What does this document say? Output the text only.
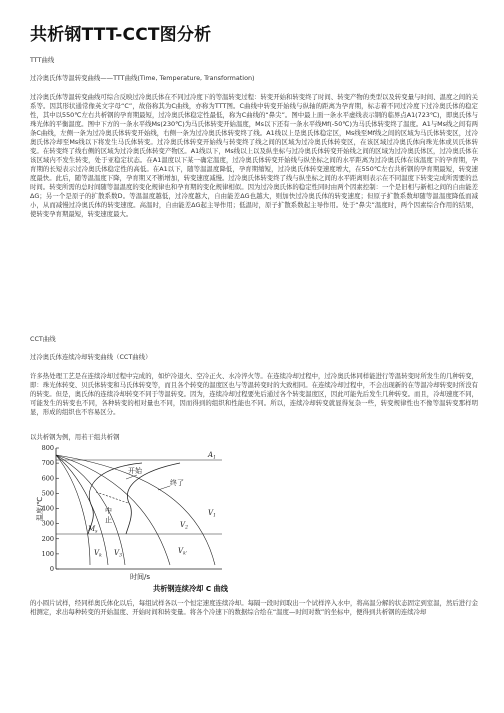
共析钢TTT-CCT图分析

TTT曲线

过冷奥氏体等温转变曲线——TTT曲线(Time, Temperature, Transformation)

过冷奥氏体等温转变曲线可综合反映过冷奥氏体在不同过冷度下的等温转变过程：转变开始和转变终了时间、转变产物的类型以及转变量与时间、温度之间的关系等。因其形状通常像英文字母“C”，故俗称其为C曲线，亦称为TTT图。C曲线中转变开始线与纵轴的距离为孕育期，标志着不同过冷度下过冷奥氏体的稳定性，其中以550℃左右共析钢的孕育期最短，过冷奥氏体稳定性最低，称为C曲线的“鼻尖”。图中最上面一条水平虚线表示钢的临界点A1(723℃)，即奥氏体与珠光体的平衡温度。图中下方的一条水平线Ms(230℃)为马氏体转变开始温度，Ms以下还有一条水平线Mf(-50℃)为马氏体转变终了温度。A1与Ms线之间有两条C曲线，左侧一条为过冷奥氏体转变开始线，右侧一条为过冷奥氏体转变终了线。A1线以上是奥氏体稳定区，Ms线至Mf线之间的区域为马氏体转变区，过冷奥氏体冷却至Ms线以下将发生马氏体转变。过冷奥氏体转变开始线与转变终了线之间的区域为过冷奥氏体转变区，在该区域过冷奥氏体向珠光体或贝氏体转变。在转变终了线右侧的区域为过冷奥氏体转变产物区。A1线以下，Ms线以上以及纵坐标与过冷奥氏体转变开始线之间的区域为过冷奥氏体区，过冷奥氏体在该区域内不发生转变，处于亚稳定状态。在A1温度以下某一确定温度，过冷奥氏体转变开始线与纵坐标之间的水平距离为过冷奥氏体在该温度下的孕育期，孕育期的长短表示过冷奥氏体稳定性的高低。在A1以下，随等温温度降低，孕育期缩短，过冷奥氏体转变速度增大，在550℃左右共析钢的孕育期最短，转变速度最快。此后，随等温温度下降，孕育期又不断增加，转变速度减慢。过冷奥氏体转变终了线与纵坐标之间的水平距离则表示在不同温度下转变完成所需要的总时间。转变所需的总时间随等温温度的变化规律也和孕育期的变化规律相似。因为过冷奥氏体的稳定性同时由两个因素控制：一个是旧相与新相之间的自由能差ΔG；另一个是原子的扩散系数D。等温温度越低，过冷度越大，自由能差ΔG也越大，则加快过冷奥氏体的转变速度；但原子扩散系数却随等温温度降低而减小，从而减慢过冷奥氏体的转变速度。高温时，自由能差ΔG起主导作用；低温时，原子扩散系数起主导作用。处于“鼻尖”温度时，两个因素综合作用的结果，使转变孕育期最短，转变速度最大。

CCT曲线

过冷奥氏体连续冷却转变曲线（CCT曲线）

许多热处理工艺是在连续冷却过程中完成的，如炉冷退火、空冷正火、水冷淬火等。在连续冷却过程中，过冷奥氏体同样能进行等温转变时所发生的几种转变，即：珠光体转变、贝氏体转变和马氏体转变等，而且各个转变的温度区也与等温转变时的大致相同。在连续冷却过程中，不会出现新的在等温冷却转变时所没有的转变。但是，奥氏体的连续冷却转变不同于等温转变。因为，连续冷却过程要先后通过各个转变温度区，因此可能先后发生几种转变。而且，冷却速度不同，可能发生的转变也不同，各种转变的相对量也不同，因而得到的组织和性能也不同。所以，连续冷却转变就显得复杂一些，转变规律性也不像等温转变那样明显，形成的组织也不容易区分。

以共析钢为例，用若干组共析钢

0
100
200
300
400
500
600
700
800
$A_1$
$M_s$
开始
终了
中
止
$V_1$
$V_2$
$V_3$
$V_k$
$V_{k'}$
温度/℃
时间/s
共析钢连续冷却 C 曲线

的小圆片试样，经同样奥氏体化以后，每组试样各以一个恒定速度连续冷却。每隔一段时间取出一个试样淬入水中，将高温分解的状态固定到室温，然后进行金相测定，求出每种转变的开始温度、开始时间和转变量。将各个冷速下的数据综合绘在“温度—时间对数”的坐标中，便得到共析钢的连续冷却
